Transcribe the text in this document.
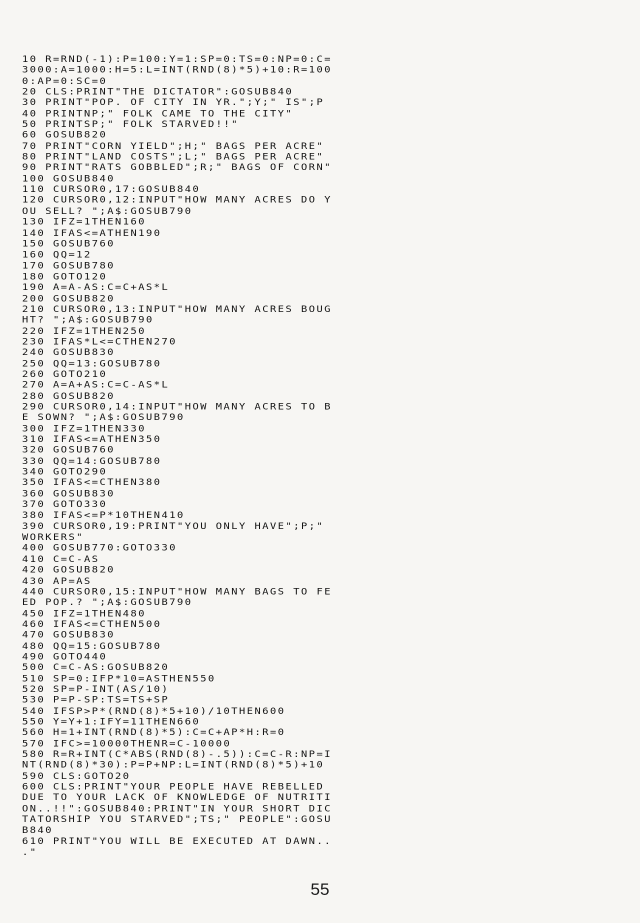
10 R=RND(-1):P=100:Y=1:SP=0:TS=0:NP=0:C=
3000:A=1000:H=5:L=INT(RND(8)*5)+10:R=100
0:AP=0:SC=0
20 CLS:PRINT"THE DICTATOR":GOSUB840
30 PRINT"POP. OF CITY IN YR.";Y;" IS";P
40 PRINTNP;" FOLK CAME TO THE CITY"
50 PRINTSP;" FOLK STARVED!!"
60 GOSUB820
70 PRINT"CORN YIELD";H;" BAGS PER ACRE"
80 PRINT"LAND COSTS";L;" BAGS PER ACRE"
90 PRINT"RATS GOBBLED";R;" BAGS OF CORN"
100 GOSUB840
110 CURSOR0,17:GOSUB840
120 CURSOR0,12:INPUT"HOW MANY ACRES DO Y
OU SELL? ";A$:GOSUB790
130 IFZ=1THEN160
140 IFAS<=ATHEN190
150 GOSUB760
160 QQ=12
170 GOSUB780
180 GOTO120
190 A=A-AS:C=C+AS*L
200 GOSUB820
210 CURSOR0,13:INPUT"HOW MANY ACRES BOUG
HT? ";A$:GOSUB790
220 IFZ=1THEN250
230 IFAS*L<=CTHEN270
240 GOSUB830
250 QQ=13:GOSUB780
260 GOTO210
270 A=A+AS:C=C-AS*L
280 GOSUB820
290 CURSOR0,14:INPUT"HOW MANY ACRES TO B
E SOWN? ";A$:GOSUB790
300 IFZ=1THEN330
310 IFAS<=ATHEN350
320 GOSUB760
330 QQ=14:GOSUB780
340 GOTO290
350 IFAS<=CTHEN380
360 GOSUB830
370 GOTO330
380 IFAS<=P*10THEN410
390 CURSOR0,19:PRINT"YOU ONLY HAVE";P;"
WORKERS"
400 GOSUB770:GOTO330
410 C=C-AS
420 GOSUB820
430 AP=AS
440 CURSOR0,15:INPUT"HOW MANY BAGS TO FE
ED POP.? ";A$:GOSUB790
450 IFZ=1THEN480
460 IFAS<=CTHEN500
470 GOSUB830
480 QQ=15:GOSUB780
490 GOTO440
500 C=C-AS:GOSUB820
510 SP=0:IFP*10=ASTHEN550
520 SP=P-INT(AS/10)
530 P=P-SP:TS=TS+SP
540 IFSP>P*(RND(8)*5+10)/10THEN600
550 Y=Y+1:IFY=11THEN660
560 H=1+INT(RND(8)*5):C=C+AP*H:R=0
570 IFC>=10000THENR=C-10000
580 R=R+INT(C*ABS(RND(8)-.5)):C=C-R:NP=I
NT(RND(8)*30):P=P+NP:L=INT(RND(8)*5)+10
590 CLS:GOTO20
600 CLS:PRINT"YOUR PEOPLE HAVE REBELLED
DUE TO YOUR LACK OF KNOWLEDGE OF NUTRITI
ON..!!":GOSUB840:PRINT"IN YOUR SHORT DIC
TATORSHIP YOU STARVED";TS;" PEOPLE":GOSU
B840
610 PRINT"YOU WILL BE EXECUTED AT DAWN..
."
55
